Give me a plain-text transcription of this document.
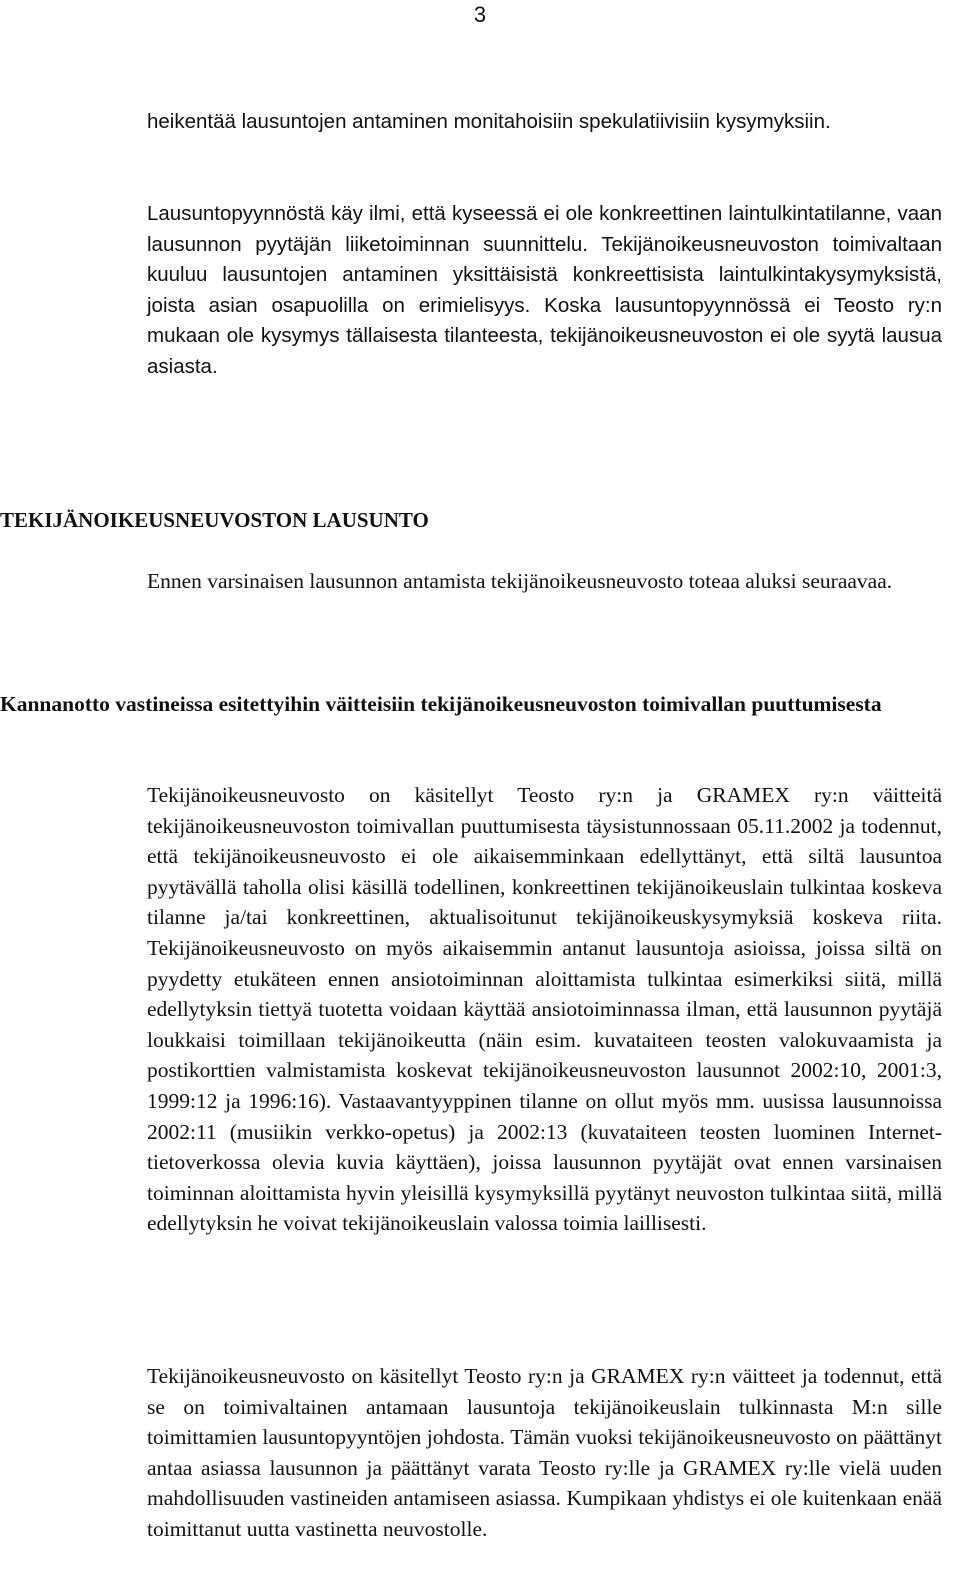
3

heikentää lausuntojen antaminen monitahoisiin spekulatiivisiin kysymyksiin.

Lausuntopyynnöstä käy ilmi, että kyseessä ei ole konkreettinen laintulkintatilanne, vaan lausunnon pyytäjän liiketoiminnan suunnittelu. Tekijänoikeusneuvoston toimivaltaan kuuluu lausuntojen antaminen yksittäisistä konkreettisista laintulkintakysymyksistä, joista asian osapuolilla on erimielisyys. Koska lausuntopyynnössä ei Teosto ry:n mukaan ole kysymys tällaisesta tilanteesta, tekijänoikeusneuvoston ei ole syytä lausua asiasta.

TEKIJÄNOIKEUSNEUVOSTON LAUSUNTO

Ennen varsinaisen lausunnon antamista tekijänoikeusneuvosto toteaa aluksi seuraavaa.

Kannanotto vastineissa esitettyihin väitteisiin tekijänoikeusneuvoston toimivallan puuttumisesta

Tekijänoikeusneuvosto on käsitellyt Teosto ry:n ja GRAMEX ry:n väitteitä tekijänoikeusneuvoston toimivallan puuttumisesta täysistunnossaan 05.11.2002 ja todennut, että tekijänoikeusneuvosto ei ole aikaisemminkaan edellyttänyt, että siltä lausuntoa pyytävällä taholla olisi käsillä todellinen, konkreettinen tekijänoikeuslain tulkintaa koskeva tilanne ja/tai konkreettinen, aktualisoitunut tekijänoikeuskysymyksiä koskeva riita. Tekijänoikeusneuvosto on myös aikaisemmin antanut lausuntoja asioissa, joissa siltä on pyydetty etukäteen ennen ansiotoiminnan aloittamista tulkintaa esimerkiksi siitä, millä edellytyksin tiettyä tuotetta voidaan käyttää ansiotoiminnassa ilman, että lausunnon pyytäjä loukkaisi toimillaan tekijänoikeutta (näin esim. kuvataiteen teosten valokuvaamista ja postikorttien valmistamista koskevat tekijänoikeusneuvoston lausunnot 2002:10, 2001:3, 1999:12 ja 1996:16). Vastaavantyyppinen tilanne on ollut myös mm. uusissa lausunnoissa 2002:11 (musiikin verkko-opetus) ja 2002:13 (kuvataiteen teosten luominen Internet-tietoverkossa olevia kuvia käyttäen), joissa lausunnon pyytäjät ovat ennen varsinaisen toiminnan aloittamista hyvin yleisillä kysymyksillä pyytänyt neuvoston tulkintaa siitä, millä edellytyksin he voivat tekijänoikeuslain valossa toimia laillisesti.

Tekijänoikeusneuvosto on käsitellyt Teosto ry:n ja GRAMEX ry:n väitteet ja todennut, että se on toimivaltainen antamaan lausuntoja tekijänoikeuslain tulkinnasta M:n sille toimittamien lausuntopyyntöjen johdosta. Tämän vuoksi tekijänoikeusneuvosto on päättänyt antaa asiassa lausunnon ja päättänyt varata Teosto ry:lle ja GRAMEX ry:lle vielä uuden mahdollisuuden vastineiden antamiseen asiassa. Kumpikaan yhdistys ei ole kuitenkaan enää toimittanut uutta vastinetta neuvostolle.
